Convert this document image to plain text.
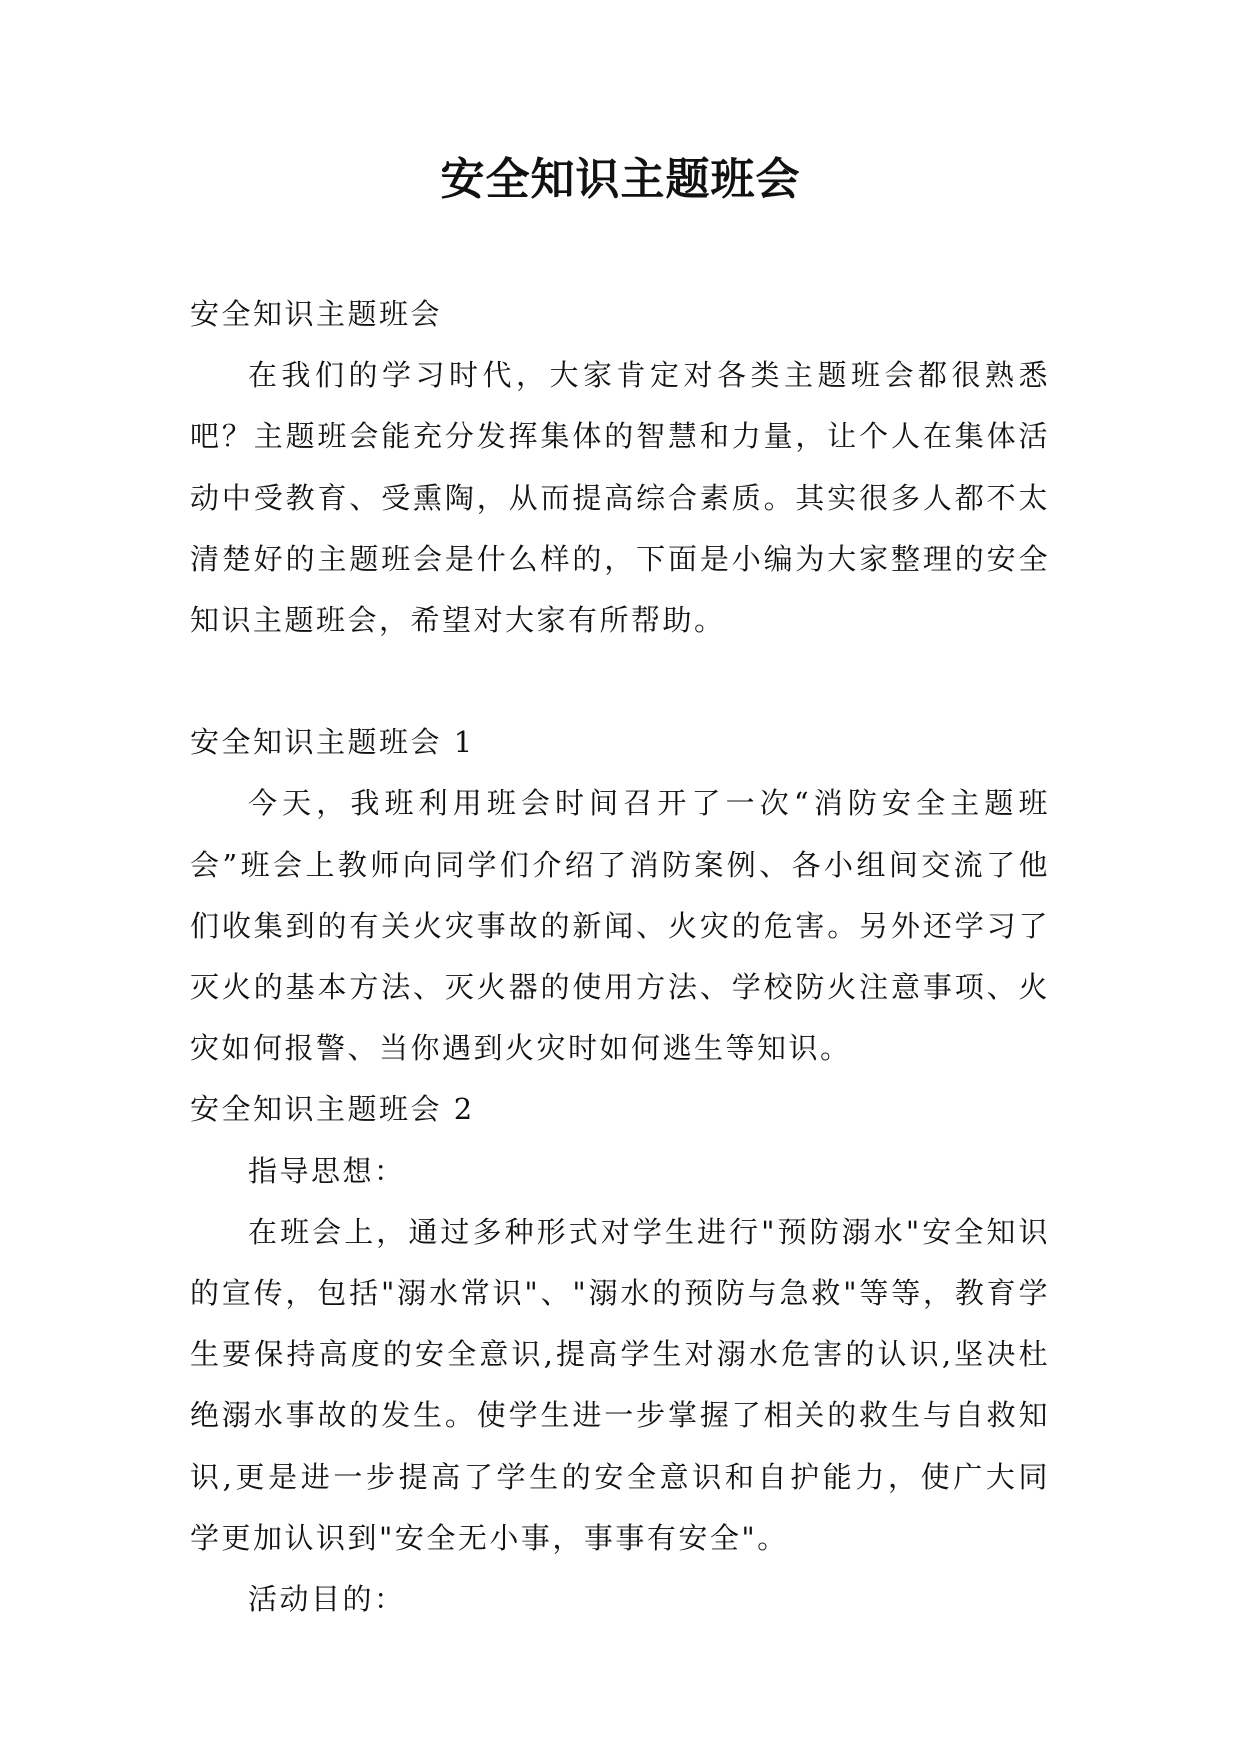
安全知识主题班会

安全知识主题班会

在我们的学习时代，大家肯定对各类主题班会都很熟悉吧？主题班会能充分发挥集体的智慧和力量，让个人在集体活动中受教育、受熏陶，从而提高综合素质。其实很多人都不太清楚好的主题班会是什么样的，下面是小编为大家整理的安全知识主题班会，希望对大家有所帮助。

安全知识主题班会 1

今天，我班利用班会时间召开了一次“消防安全主题班会”班会上教师向同学们介绍了消防案例、各小组间交流了他们收集到的有关火灾事故的新闻、火灾的危害。另外还学习了灭火的基本方法、灭火器的使用方法、学校防火注意事项、火灾如何报警、当你遇到火灾时如何逃生等知识。

安全知识主题班会 2

指导思想：

在班会上，通过多种形式对学生进行"预防溺水"安全知识的宣传，包括"溺水常识"、"溺水的预防与急救"等等，教育学生要保持高度的安全意识,提高学生对溺水危害的认识,坚决杜绝溺水事故的发生。使学生进一步掌握了相关的救生与自救知识,更是进一步提高了学生的安全意识和自护能力，使广大同学更加认识到"安全无小事，事事有安全"。

活动目的：
